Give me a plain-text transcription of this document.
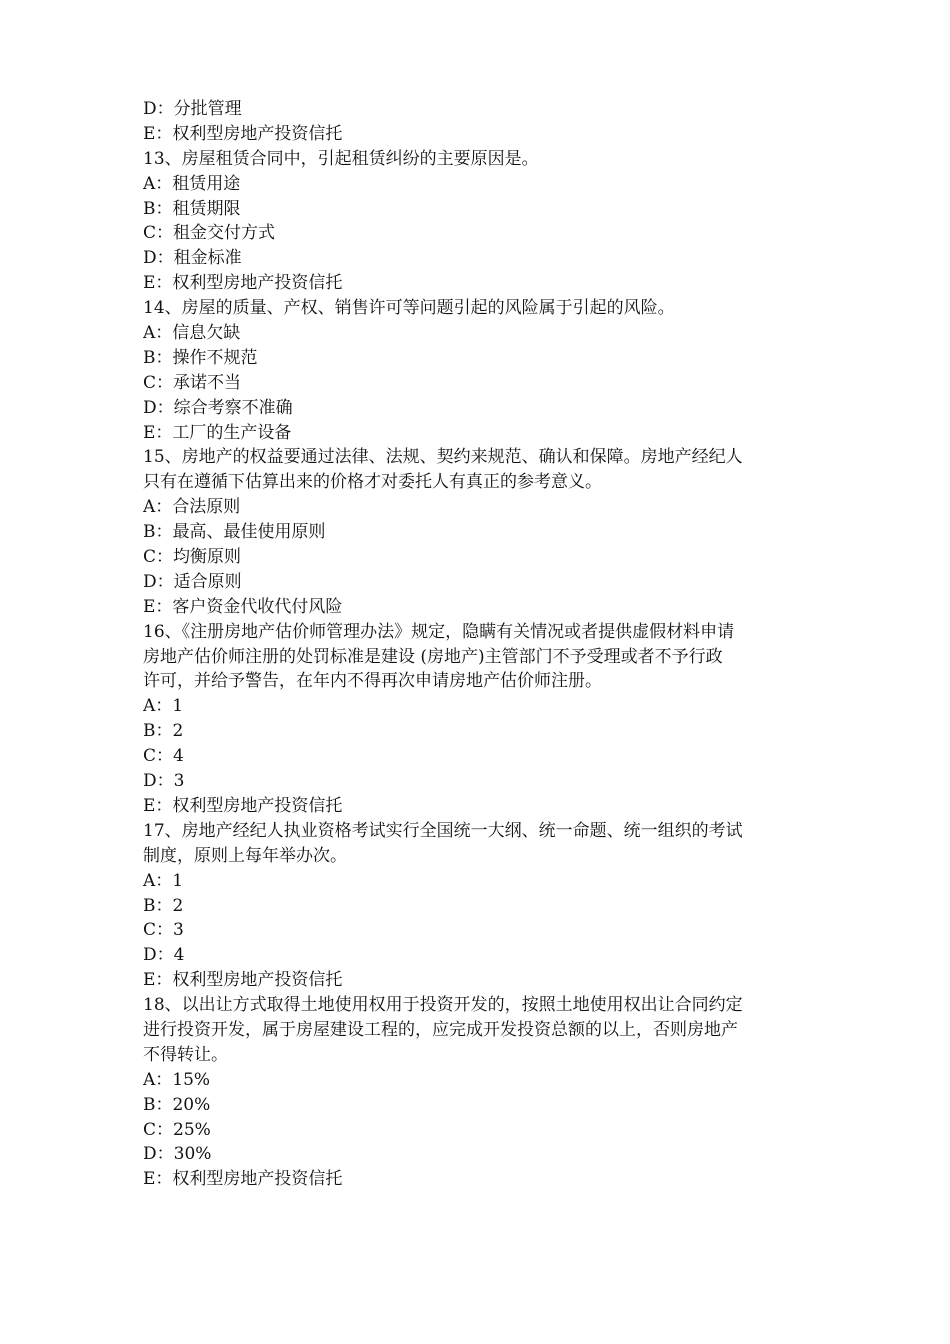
D：分批管理
E：权利型房地产投资信托
13、房屋租赁合同中，引起租赁纠纷的主要原因是。
A：租赁用途
B：租赁期限
C：租金交付方式
D：租金标准
E：权利型房地产投资信托
14、房屋的质量、产权、销售许可等问题引起的风险属于引起的风险。
A：信息欠缺
B：操作不规范
C：承诺不当
D：综合考察不准确
E：工厂的生产设备
15、房地产的权益要通过法律、法规、契约来规范、确认和保障。房地产经纪人
只有在遵循下估算出来的价格才对委托人有真正的参考意义。
A：合法原则
B：最高、最佳使用原则
C：均衡原则
D：适合原则
E：客户资金代收代付风险
16、《注册房地产估价师管理办法》规定，隐瞒有关情况或者提供虚假材料申请
房地产估价师注册的处罚标准是建设 (房地产)主管部门不予受理或者不予行政
许可，并给予警告，在年内不得再次申请房地产估价师注册。
A：1
B：2
C：4
D：3
E：权利型房地产投资信托
17、房地产经纪人执业资格考试实行全国统一大纲、统一命题、统一组织的考试
制度，原则上每年举办次。
A：1
B：2
C：3
D：4
E：权利型房地产投资信托
18、以出让方式取得土地使用权用于投资开发的，按照土地使用权出让合同约定
进行投资开发，属于房屋建设工程的，应完成开发投资总额的以上，否则房地产
不得转让。
A：15%
B：20%
C：25%
D：30%
E：权利型房地产投资信托
